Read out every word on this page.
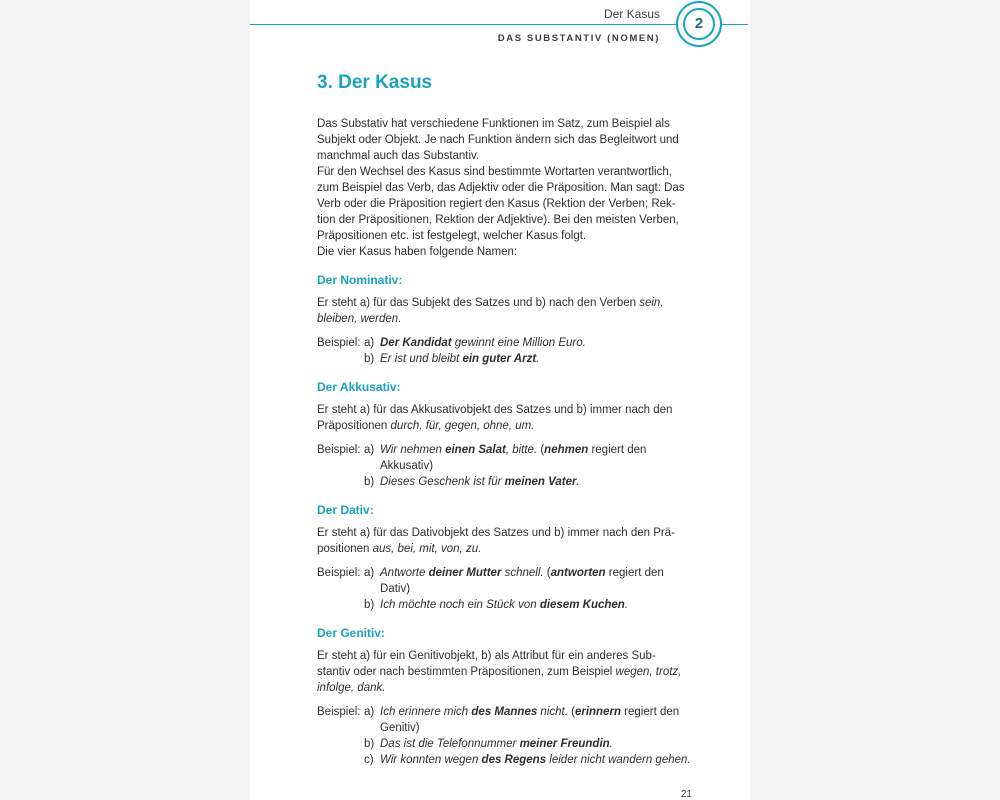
Der Kasus
DAS SUBSTANTIV (NOMEN)
2
3. Der Kasus
Das Substativ hat verschiedene Funktionen im Satz, zum Beispiel als
Subjekt oder Objekt. Je nach Funktion ändern sich das Begleitwort und
manchmal auch das Substantiv.
Für den Wechsel des Kasus sind bestimmte Wortarten verantwortlich,
zum Beispiel das Verb, das Adjektiv oder die Präposition. Man sagt: Das
Verb oder die Präposition regiert den Kasus (Rektion der Verben; Rek-
tion der Präpositionen, Rektion der Adjektive). Bei den meisten Verben,
Präpositionen etc. ist festgelegt, welcher Kasus folgt.
Die vier Kasus haben folgende Namen:
Der Nominativ:
Er steht a) für das Subjekt des Satzes und b) nach den Verben sein,
bleiben, werden.
Beispiel: a) Der Kandidat gewinnt eine Million Euro.
b) Er ist und bleibt ein guter Arzt.
Der Akkusativ:
Er steht a) für das Akkusativobjekt des Satzes und b) immer nach den
Präpositionen durch, für, gegen, ohne, um.
Beispiel: a) Wir nehmen einen Salat, bitte. (nehmen regiert den Akkusativ)
b) Dieses Geschenk ist für meinen Vater.
Der Dativ:
Er steht a) für das Dativobjekt des Satzes und b) immer nach den Prä-
positionen aus, bei, mit, von, zu.
Beispiel: a) Antworte deiner Mutter schnell. (antworten regiert den
Dativ)
b) Ich möchte noch ein Stück von diesem Kuchen.
Der Genitiv:
Er steht a) für ein Genitivobjekt, b) als Attribut für ein anderes Sub-
stantiv oder nach bestimmten Präpositionen, zum Beispiel wegen, trotz,
infolge, dank.
Beispiel: a) Ich erinnere mich des Mannes nicht. (erinnern regiert den
Genitiv)
b) Das ist die Telefonnummer meiner Freundin.
c) Wir konnten wegen des Regens leider nicht wandern gehen.
21
